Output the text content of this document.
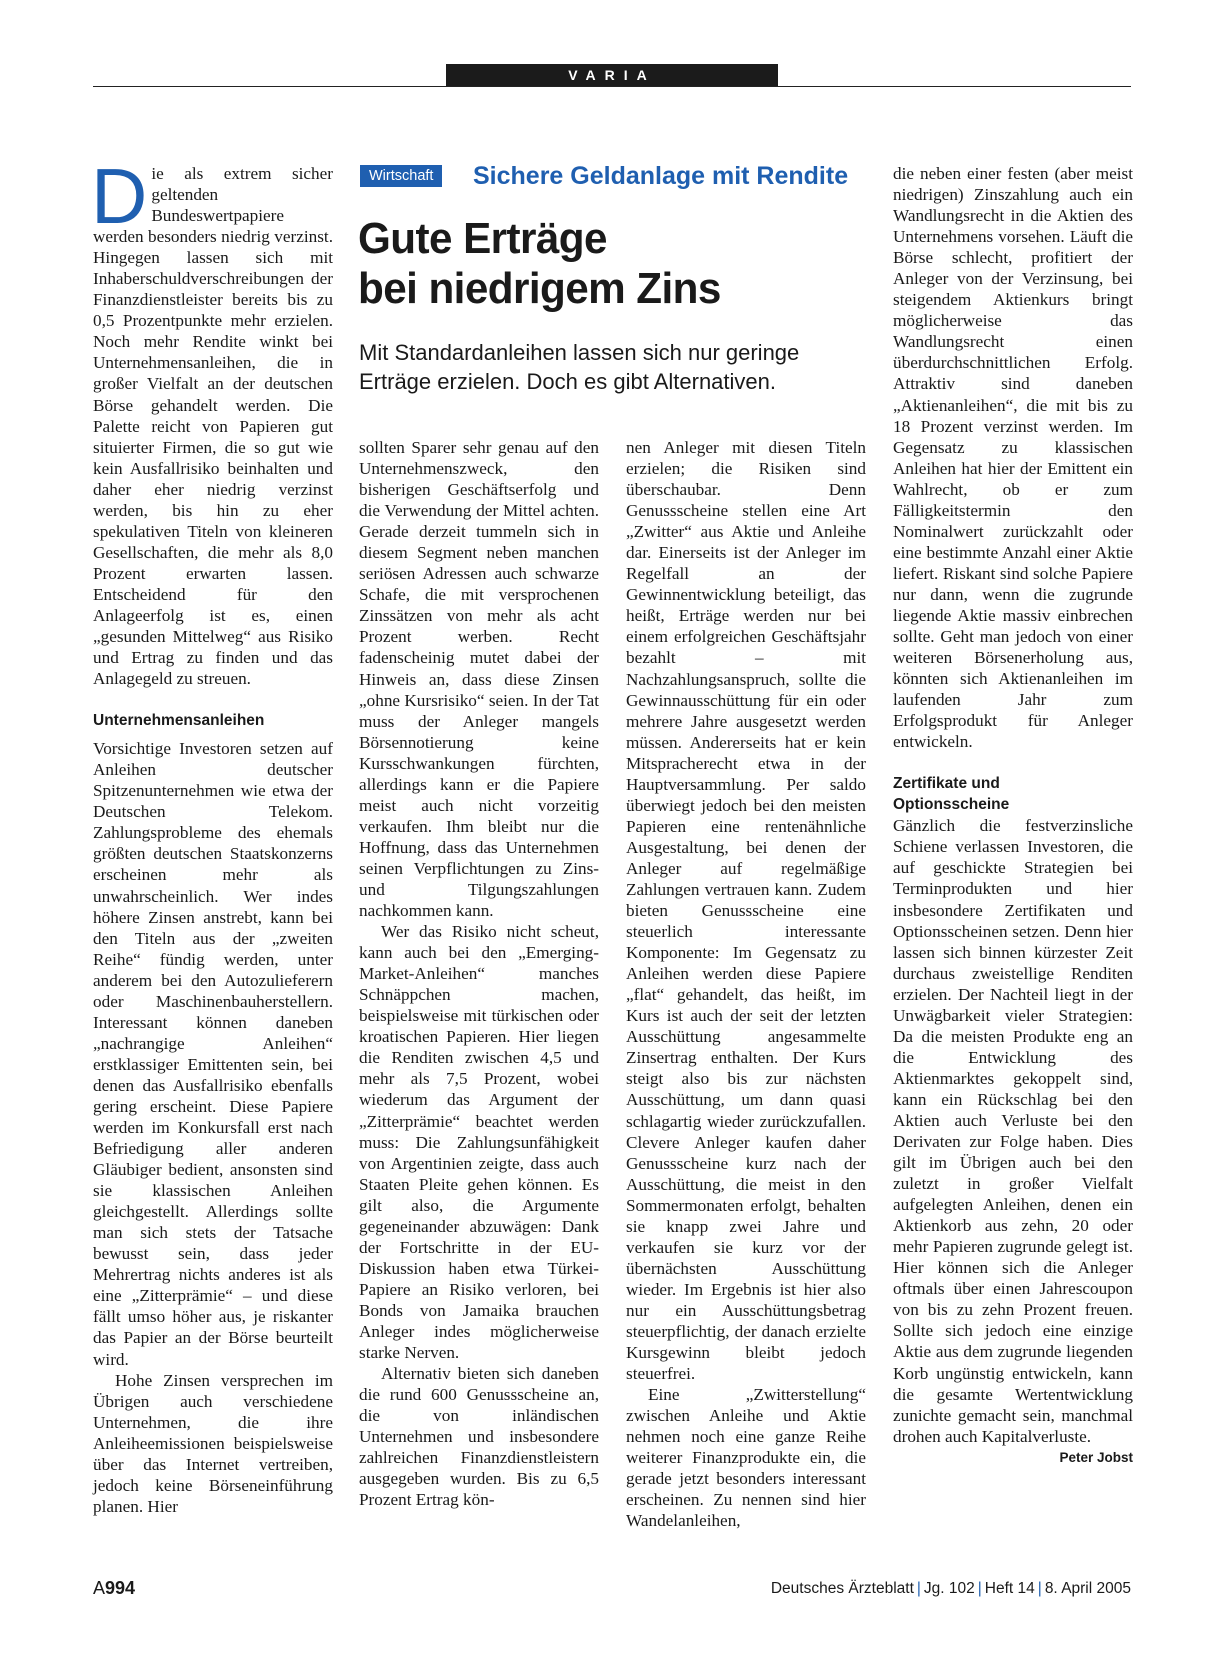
VARIA

Die als extrem sicher geltenden Bundeswertpapiere werden besonders niedrig verzinst. Hingegen lassen sich mit Inhaberschuldverschreibungen der Finanzdienstleister bereits bis zu 0,5 Prozentpunkte mehr erzielen. Noch mehr Rendite winkt bei Unternehmensanleihen, die in großer Vielfalt an der deutschen Börse gehandelt werden. Die Palette reicht von Papieren gut situierter Firmen, die so gut wie kein Ausfallrisiko beinhalten und daher eher niedrig verzinst werden, bis hin zu eher spekulativen Titeln von kleineren Gesellschaften, die mehr als 8,0 Prozent erwarten lassen. Entscheidend für den Anlageerfolg ist es, einen „gesunden Mittelweg“ aus Risiko und Ertrag zu finden und das Anlagegeld zu streuen.

Unternehmensanleihen

Vorsichtige Investoren setzen auf Anleihen deutscher Spitzenunternehmen wie etwa der Deutschen Telekom. Zahlungsprobleme des ehemals größten deutschen Staatskonzerns erscheinen mehr als unwahrscheinlich. Wer indes höhere Zinsen anstrebt, kann bei den Titeln aus der „zweiten Reihe“ fündig werden, unter anderem bei den Autozulieferern oder Maschinenbauherstellern. Interessant können daneben „nachrangige Anleihen“ erstklassiger Emittenten sein, bei denen das Ausfallrisiko ebenfalls gering erscheint. Diese Papiere werden im Konkursfall erst nach Befriedigung aller anderen Gläubiger bedient, ansonsten sind sie klassischen Anleihen gleichgestellt. Allerdings sollte man sich stets der Tatsache bewusst sein, dass jeder Mehrertrag nichts anderes ist als eine „Zitterprämie“ – und diese fällt umso höher aus, je riskanter das Papier an der Börse beurteilt wird.

Hohe Zinsen versprechen im Übrigen auch verschiedene Unternehmen, die ihre Anleiheemissionen beispielsweise über das Internet vertreiben, jedoch keine Börseneinführung planen. Hier

Wirtschaft	Sichere Geldanlage mit Rendite
Gute Erträge
bei niedrigem Zins

Mit Standardanleihen lassen sich nur geringe Erträge erzielen. Doch es gibt Alternativen.

sollten Sparer sehr genau auf den Unternehmenszweck, den bisherigen Geschäftserfolg und die Verwendung der Mittel achten. Gerade derzeit tummeln sich in diesem Segment neben manchen seriösen Adressen auch schwarze Schafe, die mit versprochenen Zinssätzen von mehr als acht Prozent werben. Recht fadenscheinig mutet dabei der Hinweis an, dass diese Zinsen „ohne Kursrisiko“ seien. In der Tat muss der Anleger mangels Börsennotierung keine Kursschwankungen fürchten, allerdings kann er die Papiere meist auch nicht vorzeitig verkaufen. Ihm bleibt nur die Hoffnung, dass das Unternehmen seinen Verpflichtungen zu Zins- und Tilgungszahlungen nachkommen kann.

Wer das Risiko nicht scheut, kann auch bei den „Emerging-Market-Anleihen“ manches Schnäppchen machen, beispielsweise mit türkischen oder kroatischen Papieren. Hier liegen die Renditen zwischen 4,5 und mehr als 7,5 Prozent, wobei wiederum das Argument der „Zitterprämie“ beachtet werden muss: Die Zahlungsunfähigkeit von Argentinien zeigte, dass auch Staaten Pleite gehen können. Es gilt also, die Argumente gegeneinander abzuwägen: Dank der Fortschritte in der EU-Diskussion haben etwa Türkei-Papiere an Risiko verloren, bei Bonds von Jamaika brauchen Anleger indes möglicherweise starke Nerven.

Alternativ bieten sich daneben die rund 600 Genussscheine an, die von inländischen Unternehmen und insbesondere zahlreichen Finanzdienstleistern ausgegeben wurden. Bis zu 6,5 Prozent Ertrag kön-

nen Anleger mit diesen Titeln erzielen; die Risiken sind überschaubar. Denn Genussscheine stellen eine Art „Zwitter“ aus Aktie und Anleihe dar. Einerseits ist der Anleger im Regelfall an der Gewinnentwicklung beteiligt, das heißt, Erträge werden nur bei einem erfolgreichen Geschäftsjahr bezahlt – mit Nachzahlungsanspruch, sollte die Gewinnausschüttung für ein oder mehrere Jahre ausgesetzt werden müssen. Andererseits hat er kein Mitspracherecht etwa in der Hauptversammlung. Per saldo überwiegt jedoch bei den meisten Papieren eine rentenähnliche Ausgestaltung, bei denen der Anleger auf regelmäßige Zahlungen vertrauen kann. Zudem bieten Genussscheine eine steuerlich interessante Komponente: Im Gegensatz zu Anleihen werden diese Papiere „flat“ gehandelt, das heißt, im Kurs ist auch der seit der letzten Ausschüttung angesammelte Zinsertrag enthalten. Der Kurs steigt also bis zur nächsten Ausschüttung, um dann quasi schlagartig wieder zurückzufallen. Clevere Anleger kaufen daher Genussscheine kurz nach der Ausschüttung, die meist in den Sommermonaten erfolgt, behalten sie knapp zwei Jahre und verkaufen sie kurz vor der übernächsten Ausschüttung wieder. Im Ergebnis ist hier also nur ein Ausschüttungsbetrag steuerpflichtig, der danach erzielte Kursgewinn bleibt jedoch steuerfrei.

Eine „Zwitterstellung“ zwischen Anleihe und Aktie nehmen noch eine ganze Reihe weiterer Finanzprodukte ein, die gerade jetzt besonders interessant erscheinen. Zu nennen sind hier Wandelanleihen,

die neben einer festen (aber meist niedrigen) Zinszahlung auch ein Wandlungsrecht in die Aktien des Unternehmens vorsehen. Läuft die Börse schlecht, profitiert der Anleger von der Verzinsung, bei steigendem Aktienkurs bringt möglicherweise das Wandlungsrecht einen überdurchschnittlichen Erfolg. Attraktiv sind daneben „Aktienanleihen“, die mit bis zu 18 Prozent verzinst werden. Im Gegensatz zu klassischen Anleihen hat hier der Emittent ein Wahlrecht, ob er zum Fälligkeitstermin den Nominalwert zurückzahlt oder eine bestimmte Anzahl einer Aktie liefert. Riskant sind solche Papiere nur dann, wenn die zugrunde liegende Aktie massiv einbrechen sollte. Geht man jedoch von einer weiteren Börsenerholung aus, könnten sich Aktienanleihen im laufenden Jahr zum Erfolgsprodukt für Anleger entwickeln.

Zertifikate und
Optionsscheine

Gänzlich die festverzinsliche Schiene verlassen Investoren, die auf geschickte Strategien bei Terminprodukten und hier insbesondere Zertifikaten und Optionsscheinen setzen. Denn hier lassen sich binnen kürzester Zeit durchaus zweistellige Renditen erzielen. Der Nachteil liegt in der Unwägbarkeit vieler Strategien: Da die meisten Produkte eng an die Entwicklung des Aktienmarktes gekoppelt sind, kann ein Rückschlag bei den Aktien auch Verluste bei den Derivaten zur Folge haben. Dies gilt im Übrigen auch bei den zuletzt in großer Vielfalt aufgelegten Anleihen, denen ein Aktienkorb aus zehn, 20 oder mehr Papieren zugrunde gelegt ist. Hier können sich die Anleger oftmals über einen Jahrescoupon von bis zu zehn Prozent freuen. Sollte sich jedoch eine einzige Aktie aus dem zugrunde liegenden Korb ungünstig entwickeln, kann die gesamte Wertentwicklung zunichte gemacht sein, manchmal drohen auch Kapitalverluste.
Peter Jobst

A994	Deutsches Ärzteblatt | Jg. 102 | Heft 14 | 8. April 2005
